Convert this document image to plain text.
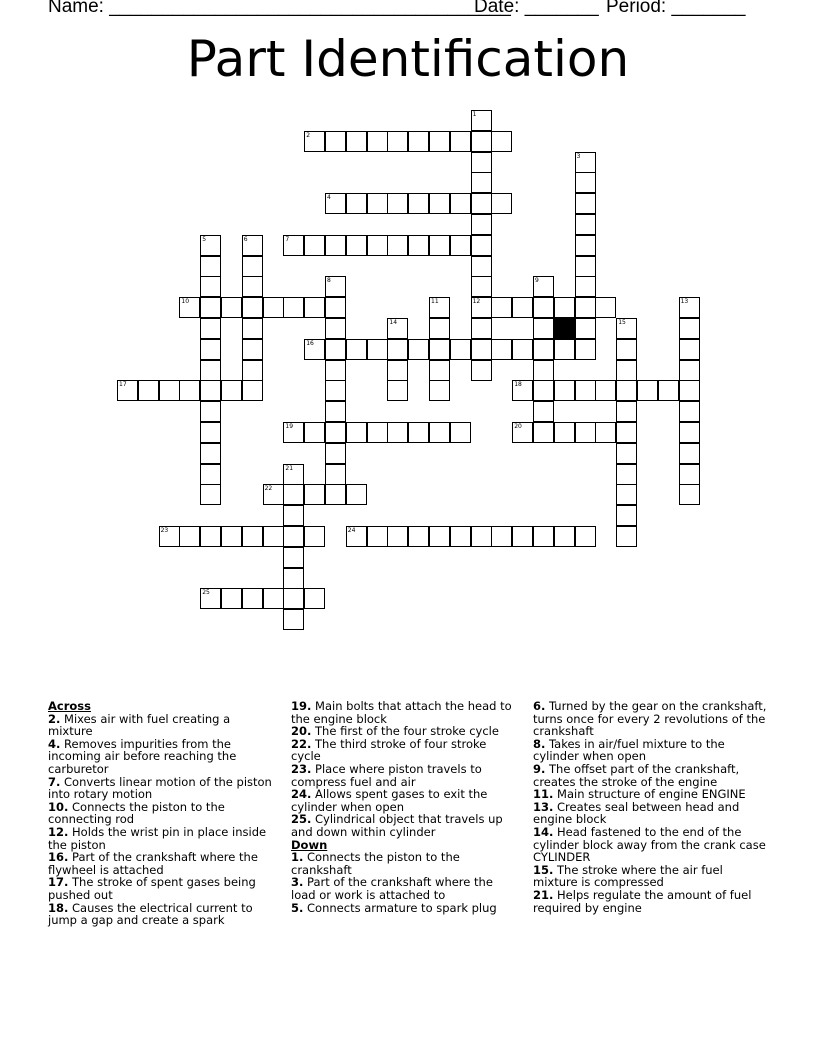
Name: ______________________________________
Date: _______ Period: _______
Part Identification
1
12
2
3
4
5	6	7
8	9
10	11	13
14	15
16
17	18
19	20
21
22
23	24
25
Across
2. Mixes air with fuel creating a mixture
4. Removes impurities from the incoming air before reaching the carburetor
7. Converts linear motion of the piston into rotary motion
10. Connects the piston to the connecting rod
12. Holds the wrist pin in place inside the piston
16. Part of the crankshaft where the flywheel is attached
17. The stroke of spent gases being pushed out
18. Causes the electrical current to jump a gap and create a spark
19. Main bolts that attach the head to the engine block
20. The first of the four stroke cycle
22. The third stroke of four stroke cycle
23. Place where piston travels to compress fuel and air
24. Allows spent gases to exit the cylinder when open
25. Cylindrical object that travels up and down within cylinder
Down
1. Connects the piston to the crankshaft
3. Part of the crankshaft where the load or work is attached to
5. Connects armature to spark plug
6. Turned by the gear on the crankshaft, turns once for every 2 revolutions of the crankshaft
8. Takes in air/fuel mixture to the cylinder when open
9. The offset part of the crankshaft, creates the stroke of the engine
11. Main structure of engine ENGINE
13. Creates seal between head and engine block
14. Head fastened to the end of the cylinder block away from the crank case CYLINDER
15. The stroke where the air fuel mixture is compressed
21. Helps regulate the amount of fuel required by engine
